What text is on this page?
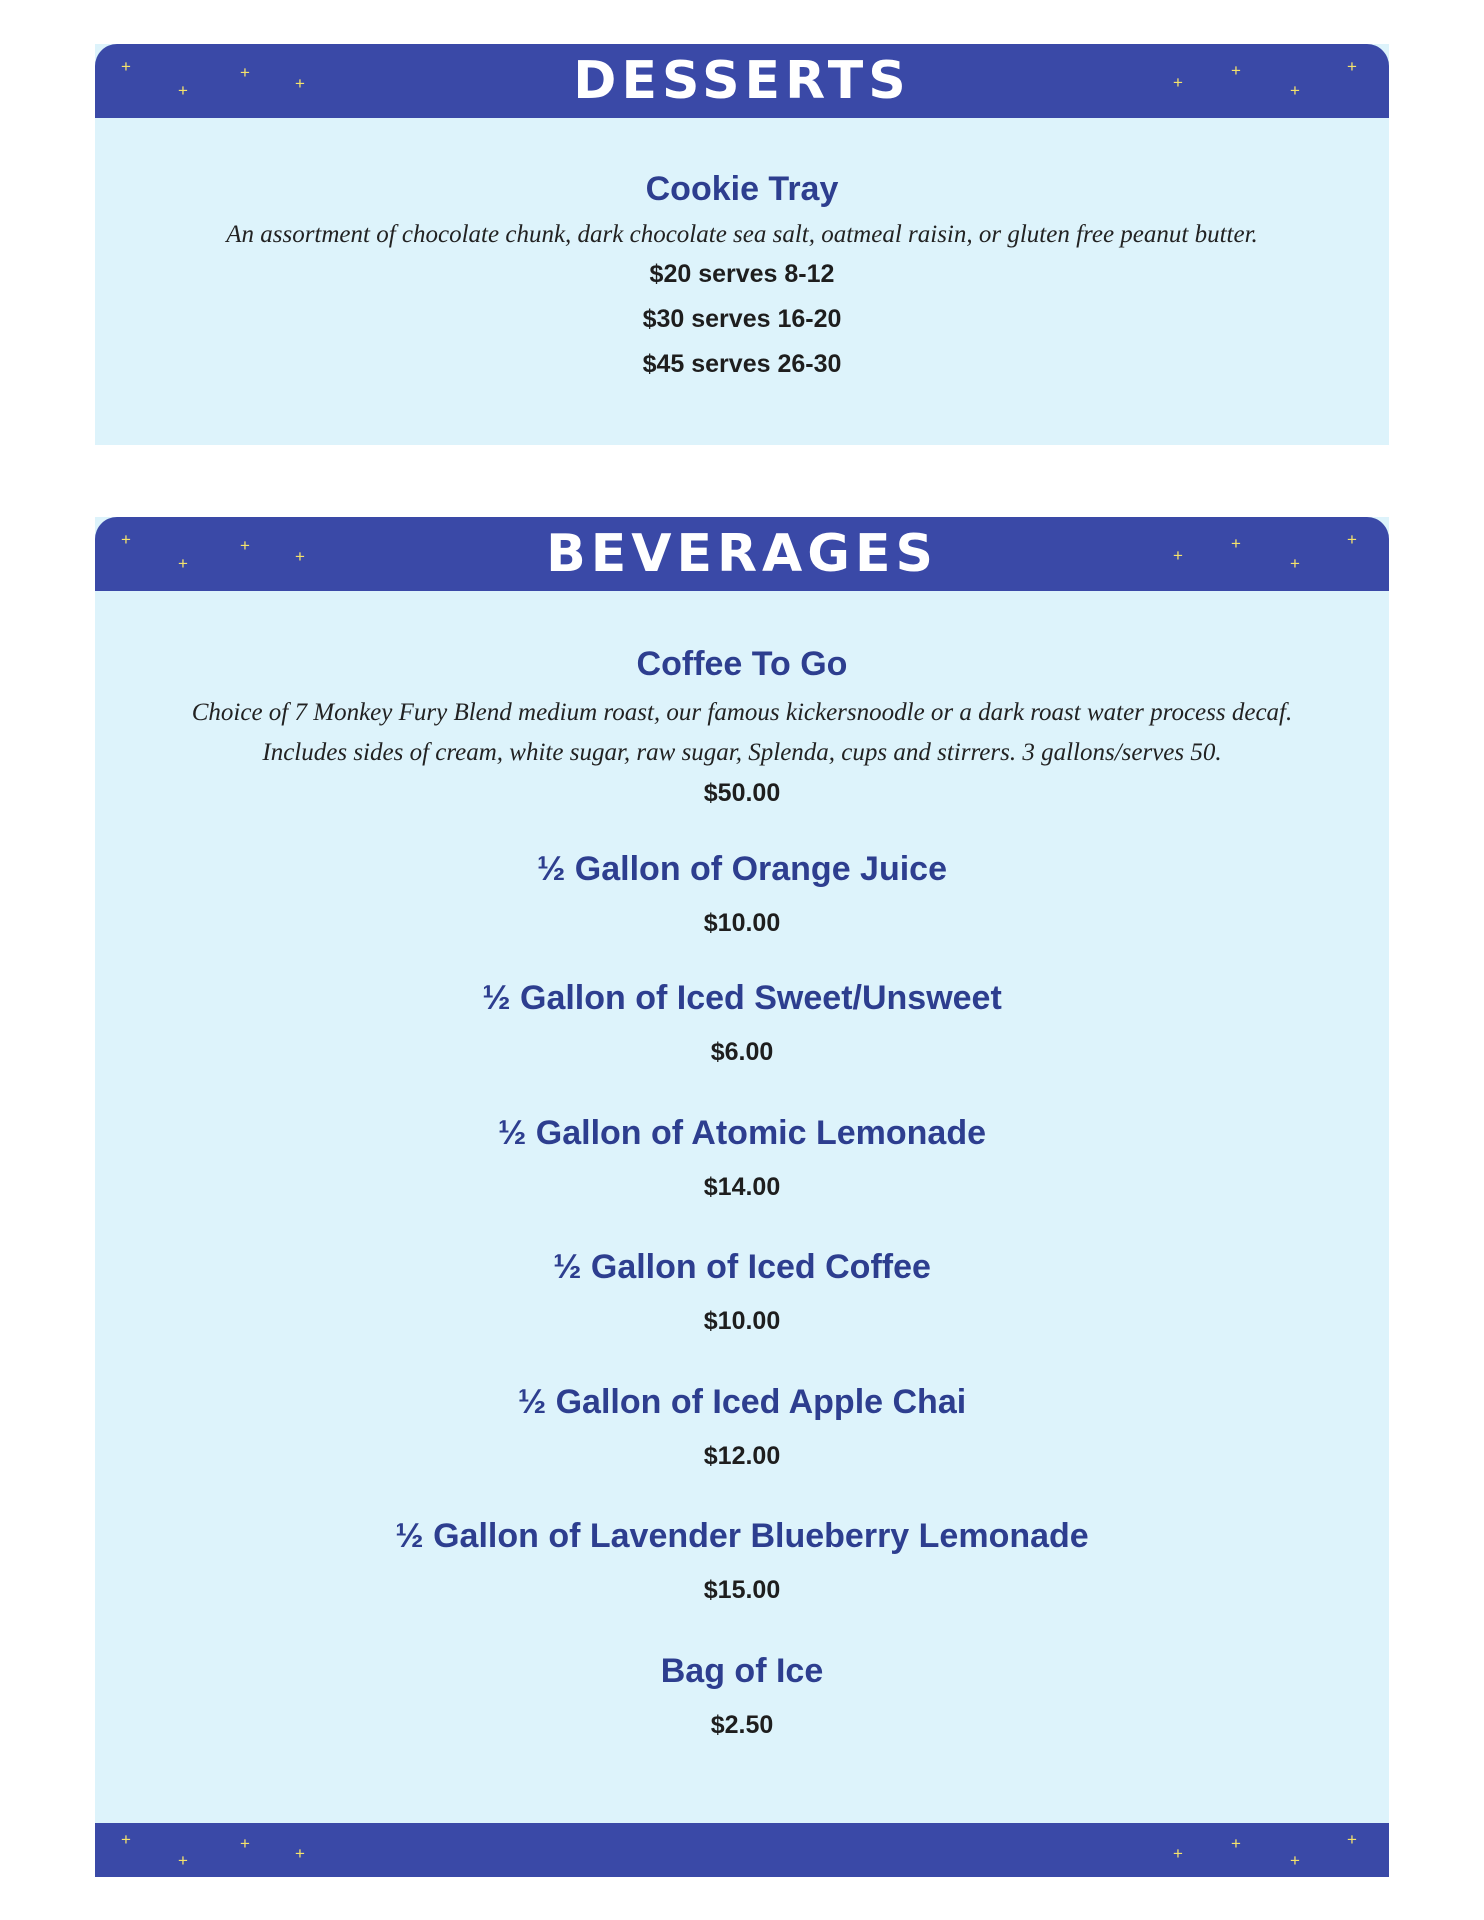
+
+
+
+	+
+
+
+
DESSERTS
Cookie Tray
An assortment of chocolate chunk, dark chocolate sea salt, oatmeal raisin, or gluten free peanut butter.
$20 serves 8-12
$30 serves 16-20
$45 serves 26-30
+
+
+
+	+
+
+
+
BEVERAGES
Coffee To Go
Choice of 7 Monkey Fury Blend medium roast, our famous kickersnoodle or a dark roast water process decaf.
Includes sides of cream, white sugar, raw sugar, Splenda, cups and stirrers. 3 gallons/serves 50.
$50.00
½ Gallon of Orange Juice
$10.00
½ Gallon of Iced Sweet/Unsweet
$6.00
½ Gallon of Atomic Lemonade
$14.00
½ Gallon of Iced Coffee
$10.00
½ Gallon of Iced Apple Chai
$12.00
½ Gallon of Lavender Blueberry Lemonade
$15.00
Bag of Ice
$2.50
+
+
+
+	+
+
+
+
